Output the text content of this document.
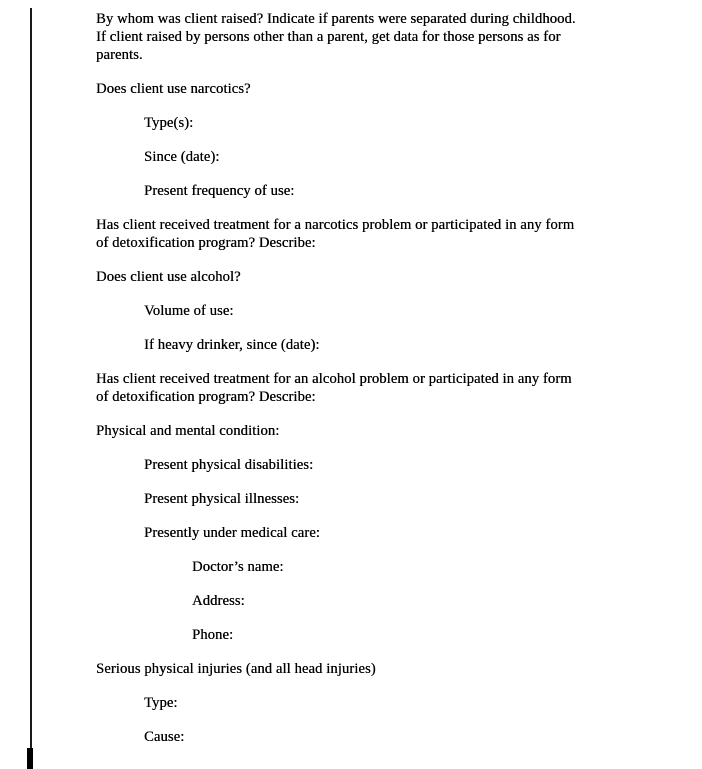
By whom was client raised? Indicate if parents were separated during childhood.
If client raised by persons other than a parent, get data for those persons as for
parents.
Does client use narcotics?
Type(s):
Since (date):
Present frequency of use:
Has client received treatment for a narcotics problem or participated in any form
of detoxification program? Describe:
Does client use alcohol?
Volume of use:
If heavy drinker, since (date):
Has client received treatment for an alcohol problem or participated in any form
of detoxification program? Describe:
Physical and mental condition:
Present physical disabilities:
Present physical illnesses:
Presently under medical care:
Doctor’s name:
Address:
Phone:
Serious physical injuries (and all head injuries)
Type:
Cause:
